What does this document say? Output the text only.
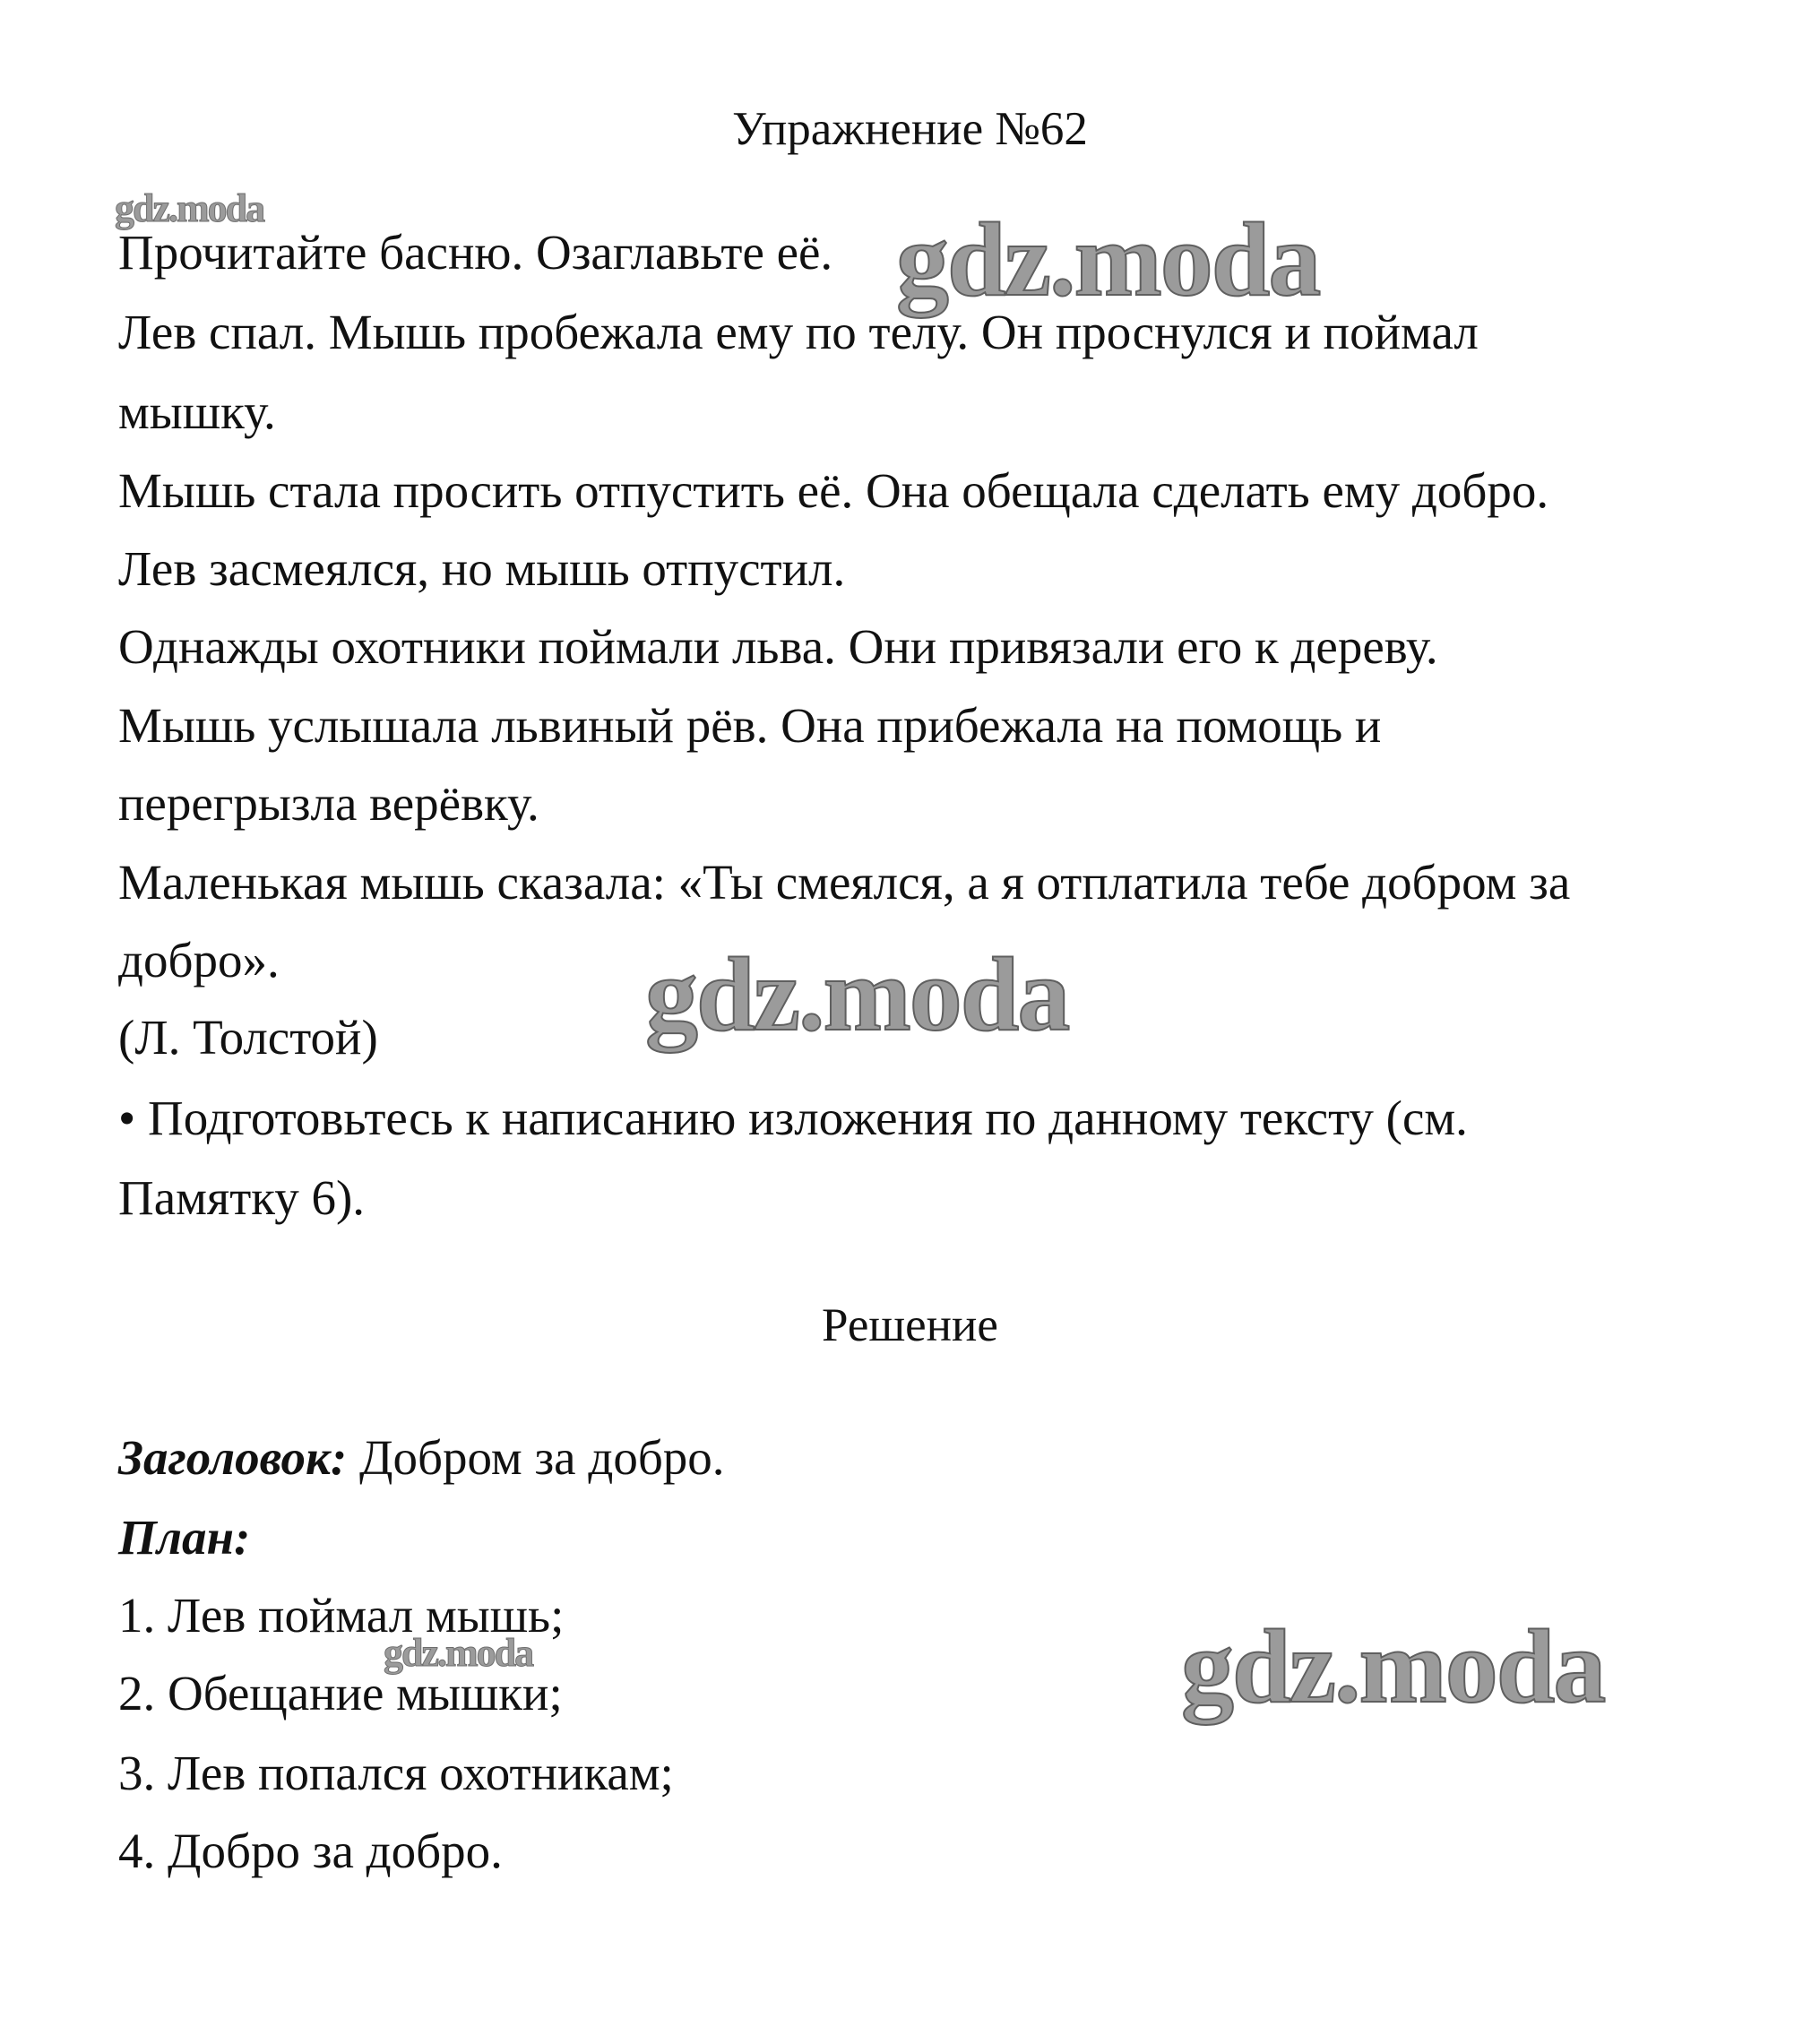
Упражнение №62
Прочитайте басню. Озаглавьте её.
Лев спал. Мышь пробежала ему по телу. Он проснулся и поймал
мышку.
Мышь стала просить отпустить её. Она обещала сделать ему добро.
Лев засмеялся, но мышь отпустил.
Однажды охотники поймали льва. Они привязали его к дереву.
Мышь услышала львиный рёв. Она прибежала на помощь и
перегрызла верёвку.
Маленькая мышь сказала: «Ты смеялся, а я отплатила тебе добром за
добро».
(Л. Толстой)
• Подготовьтесь к написанию изложения по данному тексту (см.
Памятку 6).
Решение
Заголовок: Добром за добро.
План:
1. Лев поймал мышь;
2. Обещание мышки;
3. Лев попался охотникам;
4. Добро за добро.
gdz.moda	gdz.moda
gdz.moda
gdz.moda	gdz.moda
